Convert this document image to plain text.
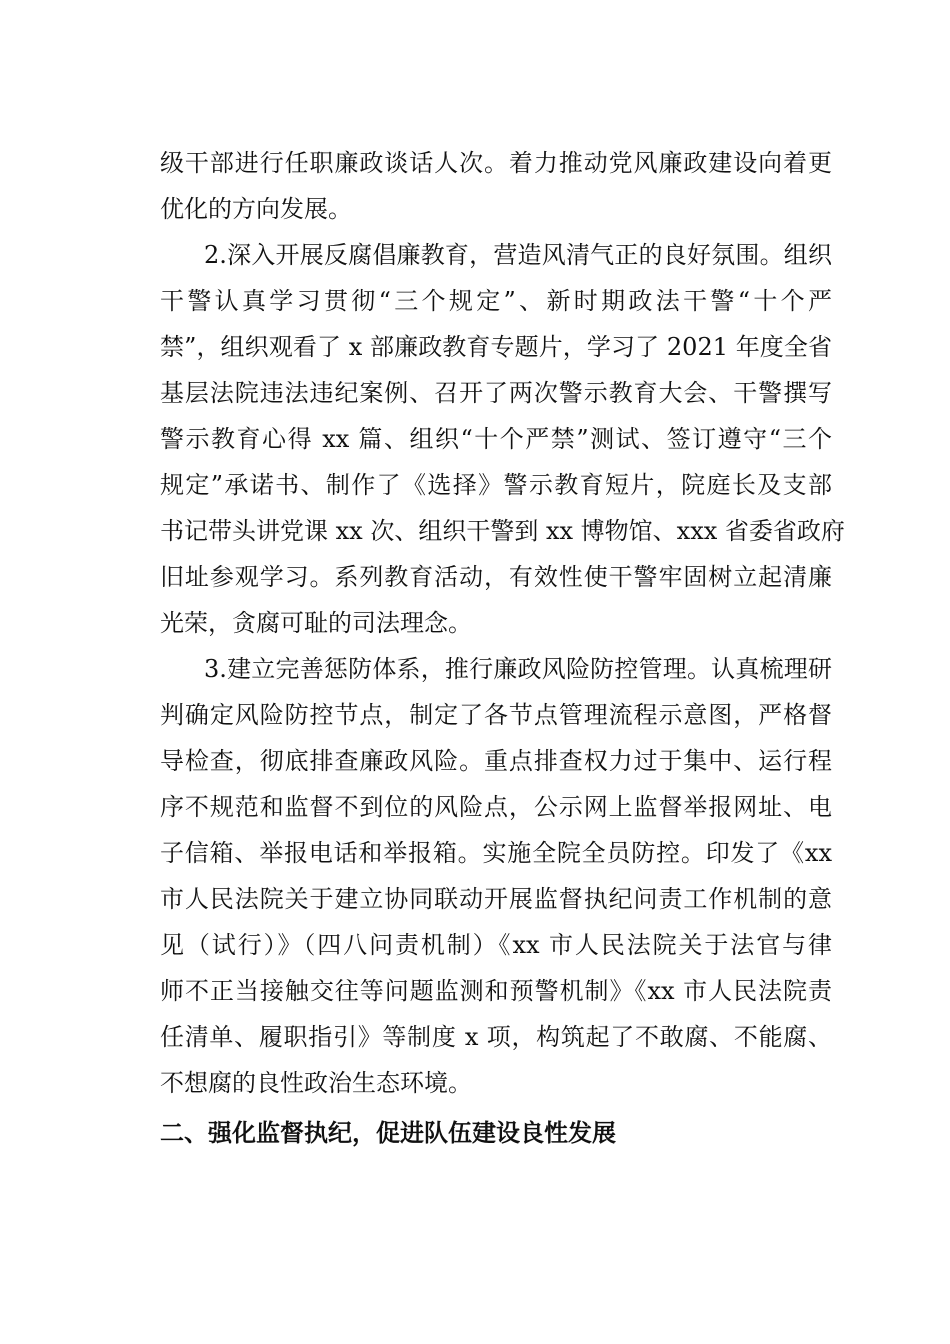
级干部进行任职廉政谈话人次。着力推动党风廉政建设向着更
优化的方向发展。
2.深入开展反腐倡廉教育，营造风清气正的良好氛围。组织
干警认真学习贯彻“三个规定”、新时期政法干警“十个严
禁”，组织观看了 x 部廉政教育专题片，学习了 2021 年度全省
基层法院违法违纪案例、召开了两次警示教育大会、干警撰写
警示教育心得 xx 篇、组织“十个严禁”测试、签订遵守“三个
规定”承诺书、制作了《选择》警示教育短片，院庭长及支部
书记带头讲党课 xx 次、组织干警到 xx 博物馆、xxx 省委省政府
旧址参观学习。系列教育活动，有效性使干警牢固树立起清廉
光荣，贪腐可耻的司法理念。
3.建立完善惩防体系，推行廉政风险防控管理。认真梳理研
判确定风险防控节点，制定了各节点管理流程示意图，严格督
导检查，彻底排查廉政风险。重点排查权力过于集中、运行程
序不规范和监督不到位的风险点，公示网上监督举报网址、电
子信箱、举报电话和举报箱。实施全院全员防控。印发了《xx
市人民法院关于建立协同联动开展监督执纪问责工作机制的意
见（试行）》（四八问责机制）《xx 市人民法院关于法官与律
师不正当接触交往等问题监测和预警机制》《xx 市人民法院责
任清单、履职指引》等制度 x 项，构筑起了不敢腐、不能腐、
不想腐的良性政治生态环境。
二、强化监督执纪，促进队伍建设良性发展
